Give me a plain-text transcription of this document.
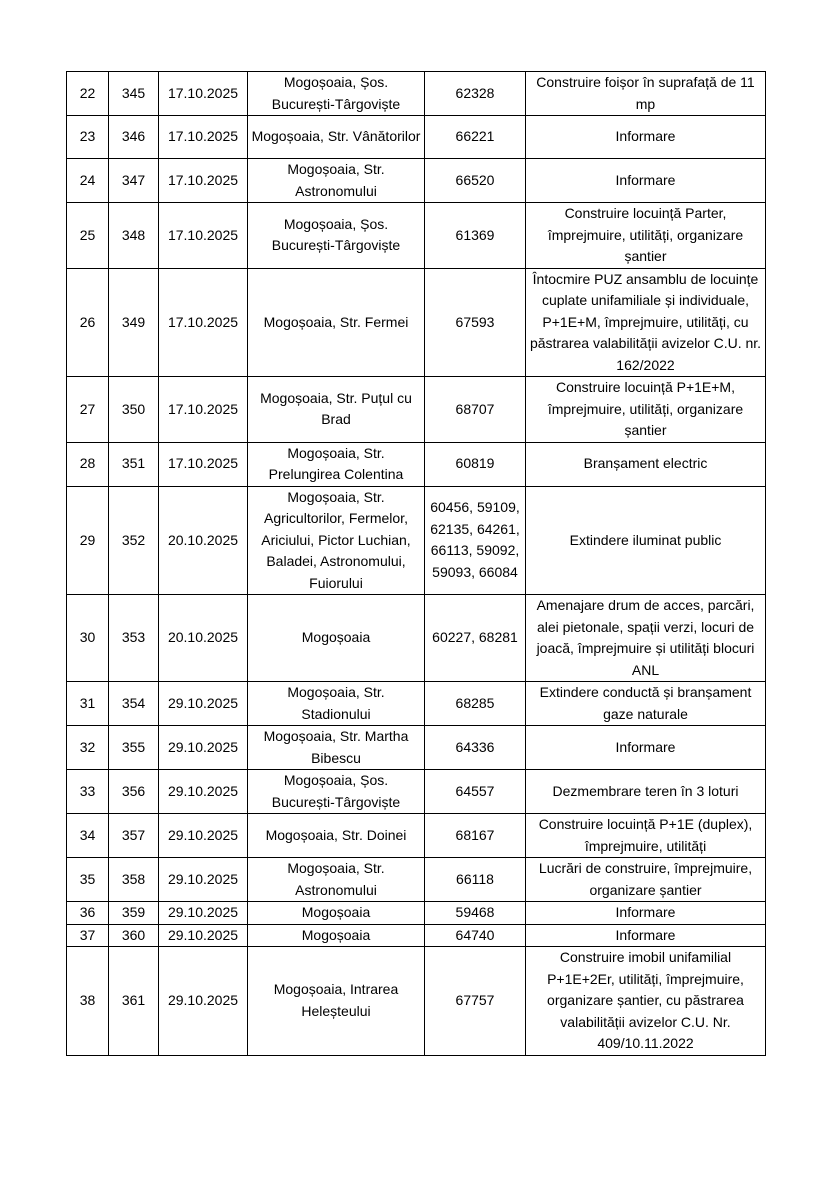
22	345	17.10.2025	Mogoșoaia, Șos. București-Târgoviște	62328	Construire foișor în suprafață de 11 mp
23	346	17.10.2025	Mogoșoaia, Str. Vânătorilor	66221	Informare
24	347	17.10.2025	Mogoșoaia, Str. Astronomului	66520	Informare
25	348	17.10.2025	Mogoșoaia, Șos. București-Târgoviște	61369	Construire locuință Parter, împrejmuire, utilități, organizare șantier
26	349	17.10.2025	Mogoșoaia, Str. Fermei	67593	Întocmire PUZ ansamblu de locuințe cuplate unifamiliale și individuale, P+1E+M, împrejmuire, utilități, cu păstrarea valabilității avizelor C.U. nr. 162/2022
27	350	17.10.2025	Mogoșoaia, Str. Puțul cu Brad	68707	Construire locuință P+1E+M, împrejmuire, utilități, organizare șantier
28	351	17.10.2025	Mogoșoaia, Str. Prelungirea Colentina	60819	Branșament electric
29	352	20.10.2025	Mogoșoaia, Str. Agricultorilor, Fermelor, Ariciului, Pictor Luchian, Baladei, Astronomului, Fuiorului	60456, 59109, 62135, 64261, 66113, 59092, 59093, 66084	Extindere iluminat public
30	353	20.10.2025	Mogoșoaia	60227, 68281	Amenajare drum de acces, parcări, alei pietonale, spații verzi, locuri de joacă, împrejmuire și utilități blocuri ANL
31	354	29.10.2025	Mogoșoaia, Str. Stadionului	68285	Extindere conductă și branșament gaze naturale
32	355	29.10.2025	Mogoșoaia, Str. Martha Bibescu	64336	Informare
33	356	29.10.2025	Mogoșoaia, Șos. București-Târgoviște	64557	Dezmembrare teren în 3 loturi
34	357	29.10.2025	Mogoșoaia, Str. Doinei	68167	Construire locuință P+1E (duplex), împrejmuire, utilități
35	358	29.10.2025	Mogoșoaia, Str. Astronomului	66118	Lucrări de construire, împrejmuire, organizare șantier
36	359	29.10.2025	Mogoșoaia	59468	Informare
37	360	29.10.2025	Mogoșoaia	64740	Informare
38	361	29.10.2025	Mogoșoaia, Intrarea Heleșteului	67757	Construire imobil unifamilial P+1E+2Er, utilități, împrejmuire, organizare șantier, cu păstrarea valabilității avizelor C.U. Nr. 409/10.11.2022
